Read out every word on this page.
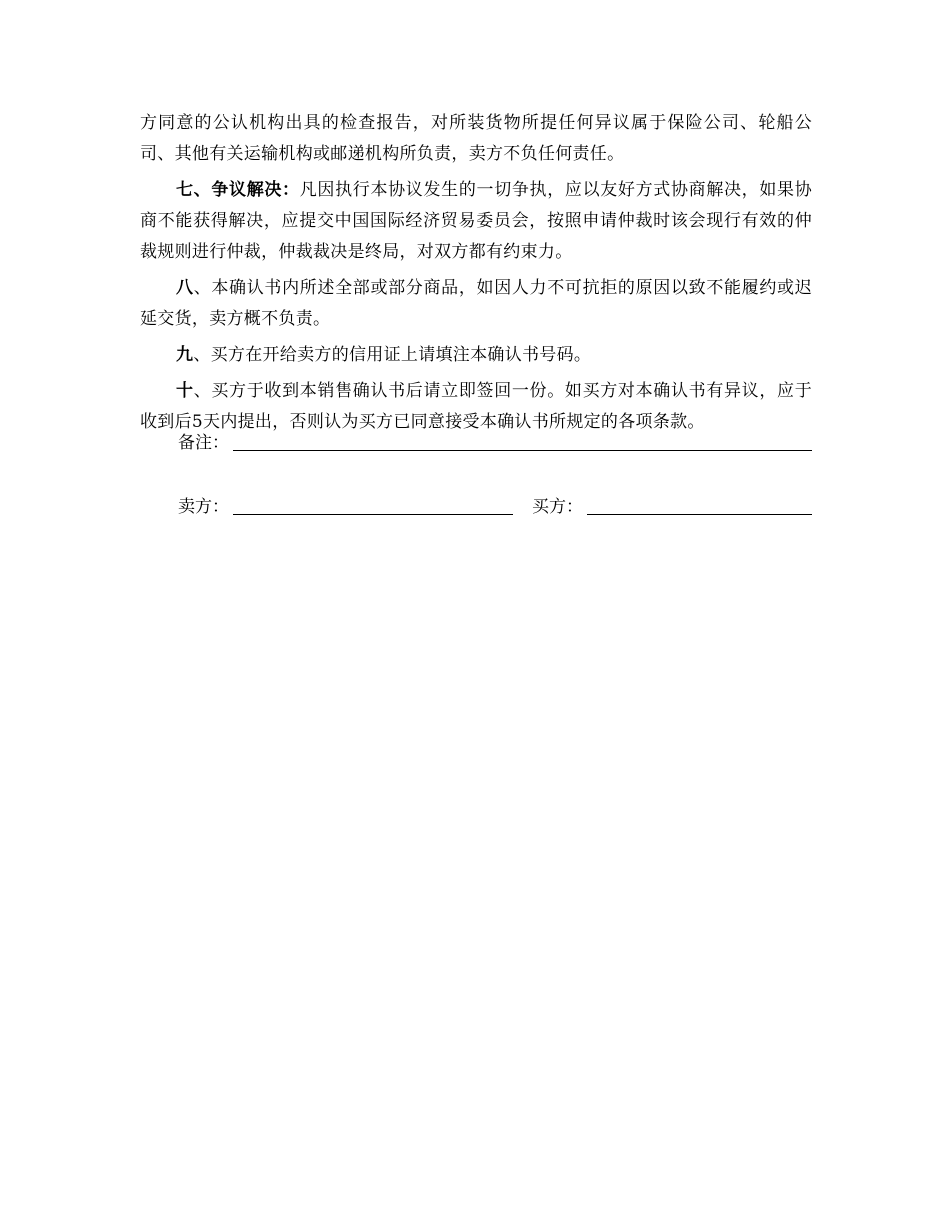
方同意的公认机构出具的检查报告，对所装货物所提任何异议属于保险公司、轮船公司、其他有关运输机构或邮递机构所负责，卖方不负任何责任。

七、争议解决：凡因执行本协议发生的一切争执，应以友好方式协商解决，如果协商不能获得解决，应提交中国国际经济贸易委员会，按照申请仲裁时该会现行有效的仲裁规则进行仲裁，仲裁裁决是终局，对双方都有约束力。

八、本确认书内所述全部或部分商品，如因人力不可抗拒的原因以致不能履约或迟延交货，卖方概不负责。

九、买方在开给卖方的信用证上请填注本确认书号码。

十、买方于收到本销售确认书后请立即签回一份。如买方对本确认书有异议，应于收到后5天内提出，否则认为买方已同意接受本确认书所规定的各项条款。

备注：
卖方：	买方：
